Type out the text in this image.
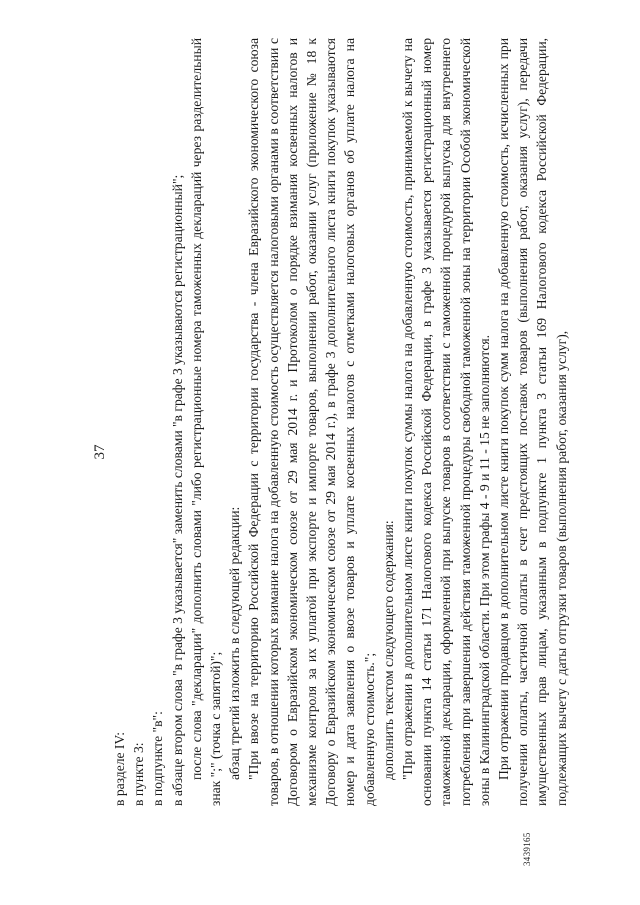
37
3439165

в разделе IV: в пункте 3: в подпункте "в": в абзаце втором слова "в графе 3 указывается" заменить словами "в графе 3 указываются регистрационный"; после слова "декларации" дополнить словами "либо регистрационные номера таможенных деклараций через разделительный знак ";" (точка с запятой)"; абзац третий изложить в следующей редакции: "При ввозе на территорию Российской Федерации с территории государства - члена Евразийского экономического союза товаров, в отношении которых взимание налога на добавленную стоимость осуществляется налоговыми органами в соответствии с Договором о Евразийском экономическом союзе от 29 мая 2014 г. и Протоколом о порядке взимания косвенных налогов и механизме контроля за их уплатой при экспорте и импорте товаров, выполнении работ, оказании услуг (приложение № 18 к Договору о Евразийском экономическом союзе от 29 мая 2014 г.), в графе 3 дополнительного листа книги покупок указываются номер и дата заявления о ввозе товаров и уплате косвенных налогов с отметками налоговых органов об уплате налога на добавленную стоимость."; дополнить текстом следующего содержания: "При отражении в дополнительном листе книги покупок суммы налога на добавленную стоимость, принимаемой к вычету на основании пункта 14 статьи 171 Налогового кодекса Российской Федерации, в графе 3 указывается регистрационный номер таможенной декларации, оформленной при выпуске товаров в соответствии с таможенной процедурой выпуска для внутреннего потребления при завершении действия таможенной процедуры свободной таможенной зоны на территории Особой экономической зоны в Калининградской области. При этом графы 4 - 9 и 11 - 15 не заполняются. При отражении продавцом в дополнительном листе книги покупок сумм налога на добавленную стоимость, исчисленных при получении оплаты, частичной оплаты в счет предстоящих поставок товаров (выполнения работ, оказания услуг), передачи имущественных прав лицам, указанным в подпункте 1 пункта 3 статьи 169 Налогового кодекса Российской Федерации, подлежащих вычету с даты отгрузки товаров (выполнения работ, оказания услуг),
